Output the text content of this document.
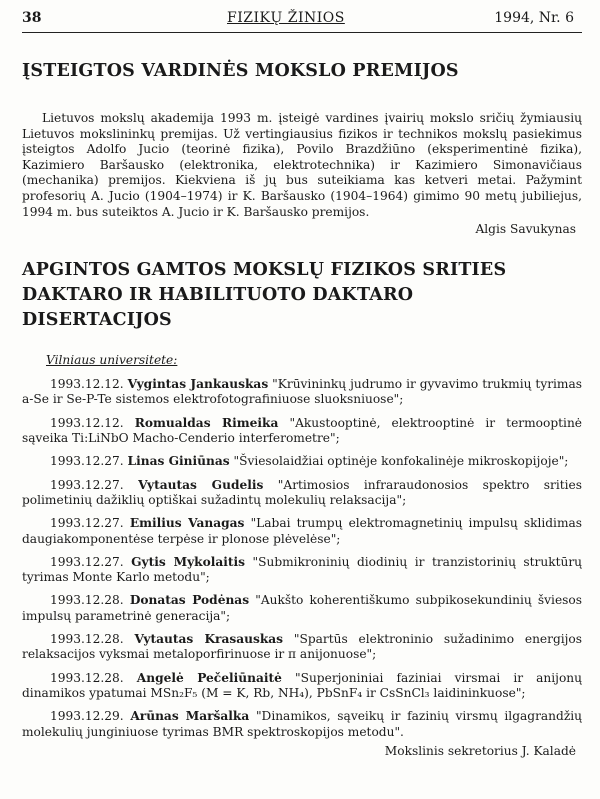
38	FIZIKŲ ŽINIOS	1994, Nr. 6
ĮSTEIGTOS VARDINĖS MOKSLO PREMIJOS

Lietuvos mokslų akademija 1993 m. įsteigė vardines įvairių mokslo sričių žymiausių Lietuvos mokslininkų premijas. Už vertingiausius fizikos ir technikos mokslų pasiekimus įsteigtos Adolfo Jucio (teorinė fizika), Povilo Brazdžiūno (eksperimentinė fizika), Kazimiero Baršausko (elektronika, elektrotechnika) ir Kazimiero Simonavičiaus (mechanika) premijos. Kiekviena iš jų bus suteikiama kas ketveri metai. Pažymint profesorių A. Jucio (1904–1974) ir K. Baršausko (1904–1964) gimimo 90 metų jubiliejus, 1994 m. bus suteiktos A. Jucio ir K. Baršausko premijos.

Algis Savukynas
APGINTOS GAMTOS MOKSLŲ FIZIKOS SRITIES
DAKTARO IR HABILITUOTO DAKTARO
DISERTACIJOS
Vilniaus universitete:

1993.12.12. Vygintas Jankauskas "Krūvininkų judrumo ir gyvavimo trukmių tyrimas a-Se ir Se-P-Te sistemos elektrofotografiniuose sluoksniuose";

1993.12.12. Romualdas Rimeika "Akustooptinė, elektrooptinė ir termooptinė sąveika Ti:LiNbO Macho-Cenderio interferometre";

1993.12.27. Linas Giniūnas "Šviesolaidžiai optinėje konfokalinėje mikroskopijoje";

1993.12.27. Vytautas Gudelis "Artimosios infraraudonosios spektro srities polimetinių dažiklių optiškai sužadintų molekulių relaksacija";

1993.12.27. Emilius Vanagas "Labai trumpų elektromagnetinių impulsų sklidimas daugiakomponentėse terpėse ir plonose plėvelėse";

1993.12.27. Gytis Mykolaitis "Submikroninių diodinių ir tranzistorinių struktūrų tyrimas Monte Karlo metodu";

1993.12.28. Donatas Podėnas "Aukšto koherentiškumo subpikosekundinių šviesos impulsų parametrinė generacija";

1993.12.28. Vytautas Krasauskas "Spartūs elektroninio sužadinimo energijos relaksacijos vyksmai metaloporfirinuose ir π anijonuose";

1993.12.28. Angelė Pečeliūnaitė "Superjoniniai faziniai virsmai ir anijonų dinamikos ypatumai MSn₂F₅ (M = K, Rb, NH₄), PbSnF₄ ir CsSnCl₃ laidininkuose";

1993.12.29. Arūnas Maršalka "Dinamikos, sąveikų ir fazinių virsmų ilgagrandžių molekulių junginiuose tyrimas BMR spektroskopijos metodu".

Mokslinis sekretorius J. Kaladė
